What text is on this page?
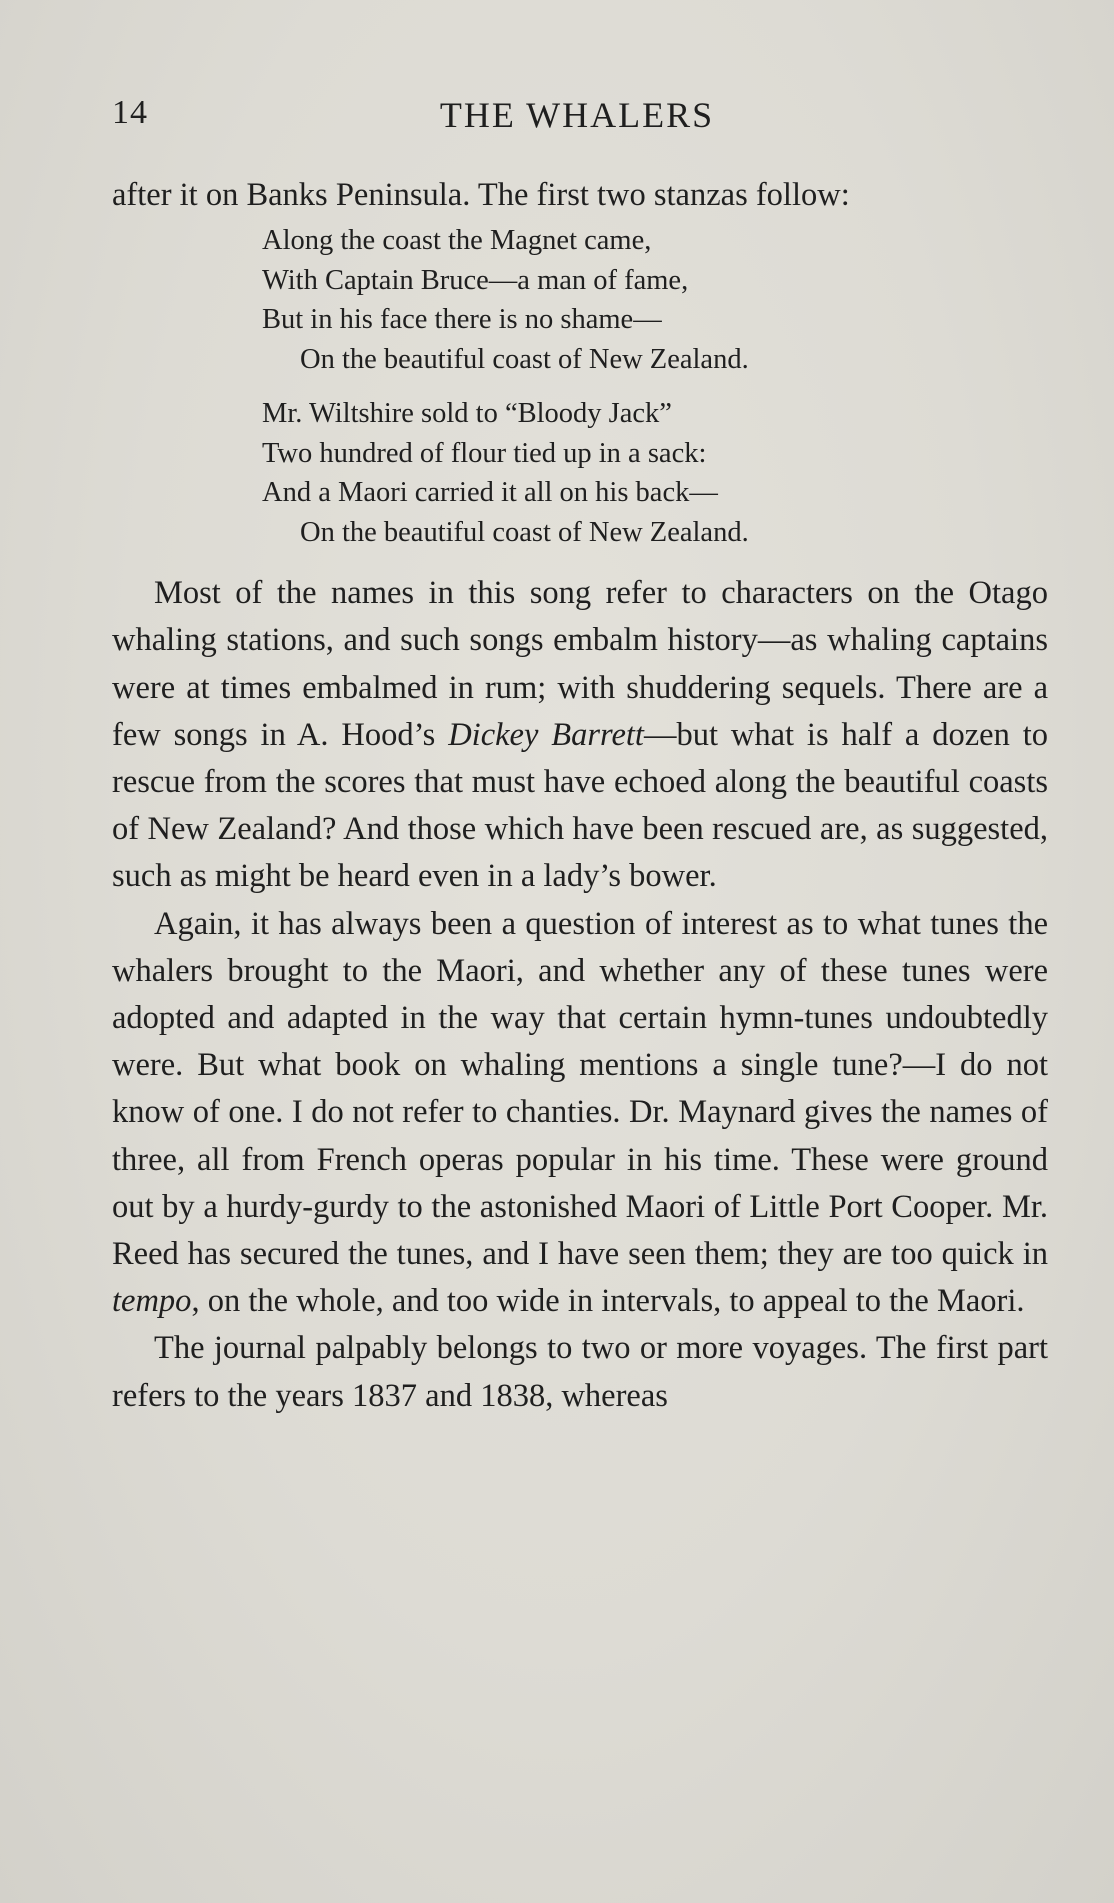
THE WHALERS
14

after it on Banks Peninsula. The first two stanzas follow:

Along the coast the Magnet came,
With Captain Bruce—a man of fame,
But in his face there is no shame—
On the beautiful coast of New Zealand.
Mr. Wiltshire sold to “Bloody Jack”
Two hundred of flour tied up in a sack:
And a Maori carried it all on his back—
On the beautiful coast of New Zealand.

Most of the names in this song refer to characters on the Otago whaling stations, and such songs embalm history—as whaling captains were at times embalmed in rum; with shuddering sequels. There are a few songs in A. Hood’s Dickey Barrett—but what is half a dozen to rescue from the scores that must have echoed along the beautiful coasts of New Zealand? And those which have been rescued are, as suggested, such as might be heard even in a lady’s bower.

Again, it has always been a question of interest as to what tunes the whalers brought to the Maori, and whether any of these tunes were adopted and adapted in the way that certain hymn-tunes undoubtedly were. But what book on whaling mentions a single tune?—I do not know of one. I do not refer to chanties. Dr. Maynard gives the names of three, all from French operas popular in his time. These were ground out by a hurdy-gurdy to the astonished Maori of Little Port Cooper. Mr. Reed has secured the tunes, and I have seen them; they are too quick in tempo, on the whole, and too wide in intervals, to appeal to the Maori.

The journal palpably belongs to two or more voyages. The first part refers to the years 1837 and 1838, whereas
